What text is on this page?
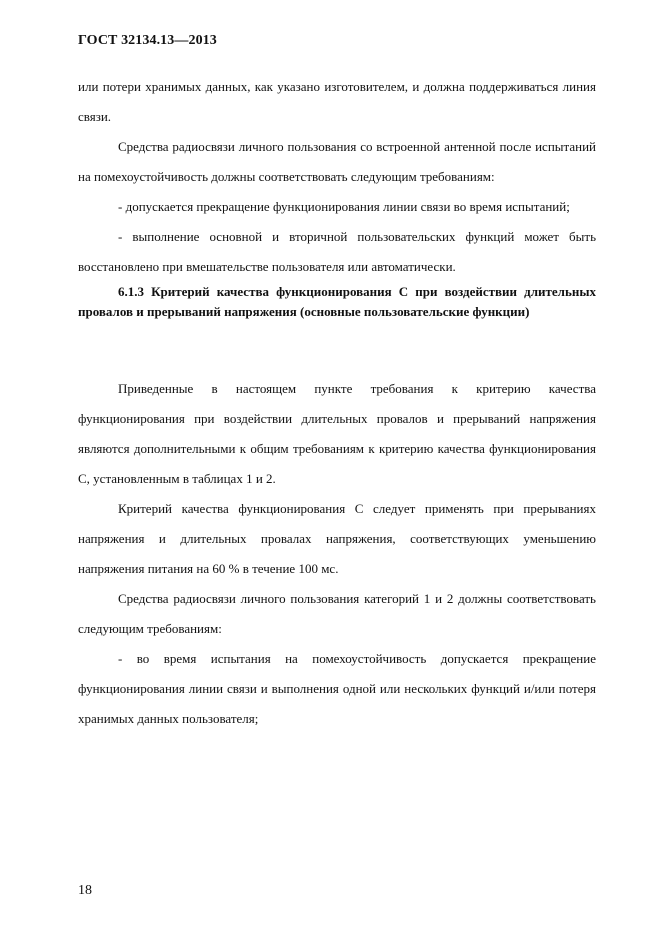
ГОСТ 32134.13—2013

или потери хранимых данных, как указано изготовителем, и должна поддерживаться линия связи.

Средства радиосвязи личного пользования со встроенной антенной после испытаний на помехоустойчивость должны соответствовать следующим требованиям:

- допускается прекращение функционирования линии связи во время испытаний;

- выполнение основной и вторичной пользовательских функций может быть восстановлено при вмешательстве пользователя или автоматически.

6.1.3 Критерий качества функционирования C при воздействии длительных провалов и прерываний напряжения (основные пользовательские функции)

Приведенные в настоящем пункте требования к критерию качества функционирования при воздействии длительных провалов и прерываний напряжения являются дополнительными к общим требованиям к критерию качества функционирования C, установленным в таблицах 1 и 2.

Критерий качества функционирования C следует применять при прерываниях напряжения и длительных провалах напряжения, соответствующих уменьшению напряжения питания на 60 % в течение 100 мс.

Средства радиосвязи личного пользования категорий 1 и 2 должны соответствовать следующим требованиям:

- во время испытания на помехоустойчивость допускается прекращение функционирования линии связи и выполнения одной или нескольких функций и/или потеря хранимых данных пользователя;

18
